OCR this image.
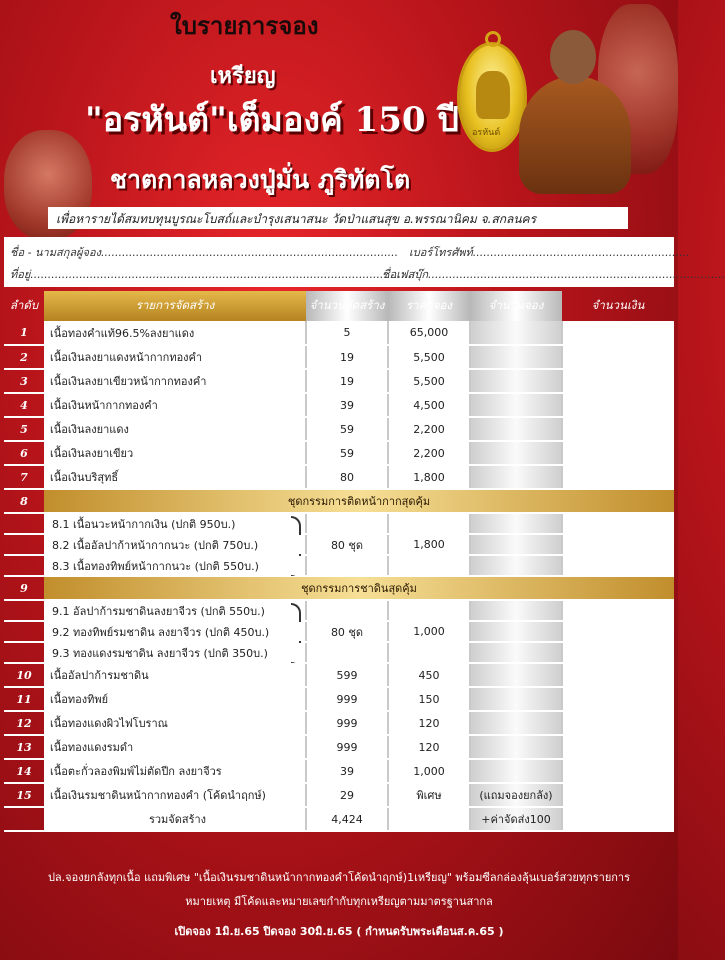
ใบรายการจอง
เหรียญ
"อรหันต์"เต็มองค์ 150 ปี
ชาตกาลหลวงปู่มั่น ภูริทัตโต
อรหันต์
เพื่อหารายได้สมทบทุนบูรณะโบสถ์และบำรุงเสนาสนะ วัดป่าแสนสุข อ.พรรณานิคม จ.สกลนคร
ชื่อ - นามสกุลผู้จอง..................................................................................... เบอร์โทรศัพท์..............................................................
ที่อยู่..............................................................................................................
ชื่อเฟสบุ๊ก.....................................................................................
ลำดับ	รายการจัดสร้าง	จำนวนจัดสร้าง	ราคาจอง	จำนวนจอง	จำนวนเงิน
1	เนื้อทองคำแท้96.5%ลงยาแดง	5	65,000		
2	เนื้อเงินลงยาแดงหน้ากากทองคำ	19	5,500		
3	เนื้อเงินลงยาเขียวหน้ากากทองคำ	19	5,500		
4	เนื้อเงินหน้ากากทองคำ	39	4,500		
5	เนื้อเงินลงยาแดง	59	2,200		
6	เนื้อเงินลงยาเขียว	59	2,200		
7	เนื้อเงินบริสุทธิ์	80	1,800		
8	ชุดกรรมการติดหน้ากากสุดคุ้ม				
	8.1 เนื้อนวะหน้ากากเงิน (ปกติ 950บ.)

	8.2 เนื้ออัลปาก้าหน้ากากนวะ (ปกติ 750บ.)	80 ชุด	1,800		
	8.3 เนื้อทองทิพย์หน้ากากนวะ (ปกติ 550บ.)				
9	ชุดกรรมการชาดินสุดคุ้ม				
	9.1 อัลปาก้ารมชาดินลงยาจีวร (ปกติ 550บ.)

	9.2 ทองทิพย์รมชาดิน ลงยาจีวร (ปกติ 450บ.)	80 ชุด	1,000		
	9.3 ทองแดงรมชาดิน ลงยาจีวร (ปกติ 350บ.)				
10	เนื้ออัลปาก้ารมชาดิน	599	450		
11	เนื้อทองทิพย์	999	150		
12	เนื้อทองแดงผิวไฟโบราณ	999	120		
13	เนื้อทองแดงรมดำ	999	120		
14	เนื้อตะกั่วลองพิมพ์ไม่ตัดปีก ลงยาจีวร	39	1,000		
15	เนื้อเงินรมชาดินหน้ากากทองคำ (โค้ดนำฤกษ์)	29	พิเศษ	(แถมจองยกลัง)	
	รวมจัดสร้าง	4,424		+ค่าจัดส่ง100	
ปล.จองยกลังทุกเนื้อ แถมพิเศษ "เนื้อเงินรมชาดินหน้ากากทองคำโค้ดนำฤกษ์)1เหรียญ" พร้อมซีลกล่องลุ้นเบอร์สวยทุกรายการ
หมายเหตุ มีโค้ดและหมายเลขกำกับทุกเหรียญตามมาตรฐานสากล
เปิดจอง 1มิ.ย.65 ปิดจอง 30มิ.ย.65 ( กำหนดรับพระเดือนส.ค.65 )
